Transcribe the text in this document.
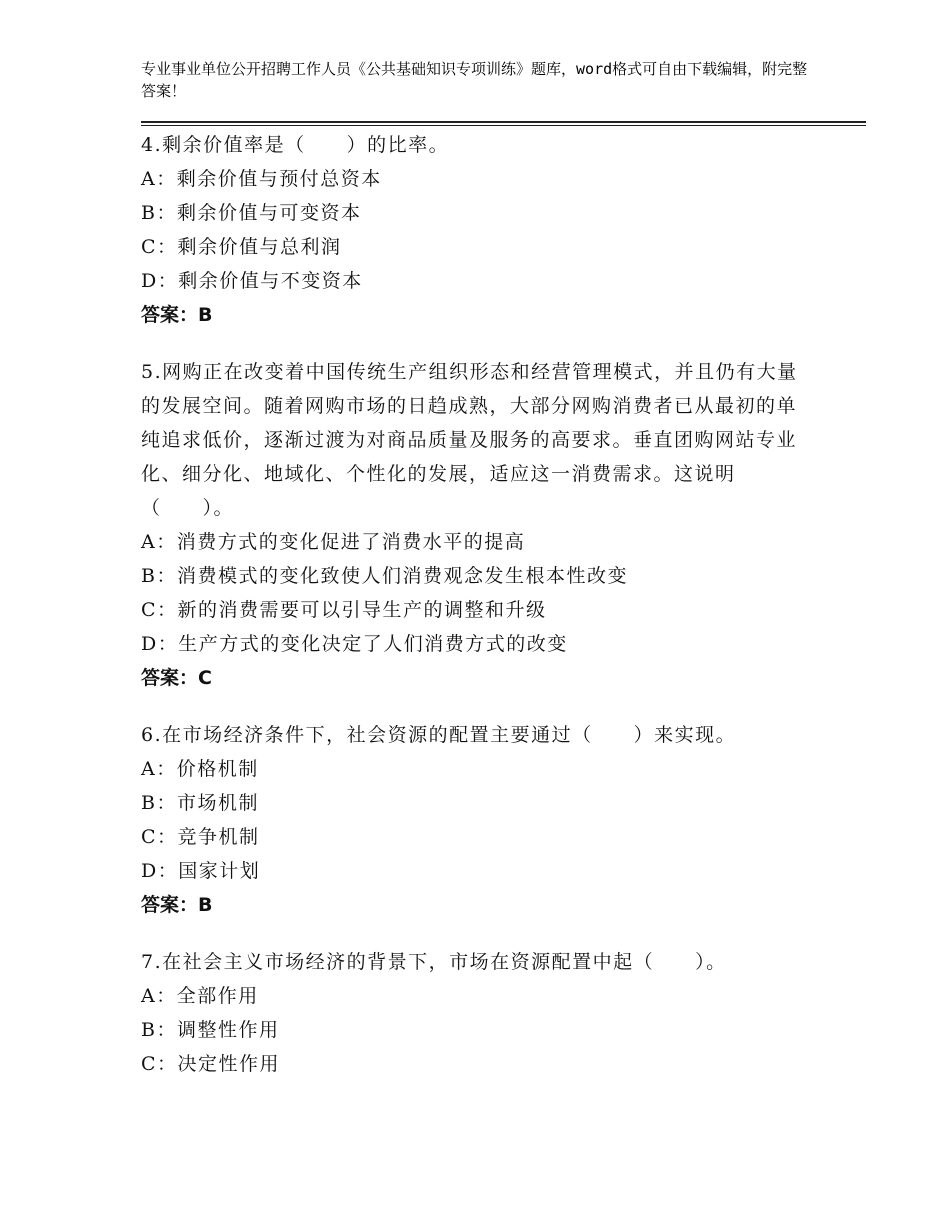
专业事业单位公开招聘工作人员《公共基础知识专项训练》题库，word格式可自由下载编辑，附完整答案！

4.剩余价值率是（　　）的比率。

A：剩余价值与预付总资本

B：剩余价值与可变资本

C：剩余价值与总利润

D：剩余价值与不变资本

答案：B

5.网购正在改变着中国传统生产组织形态和经营管理模式，并且仍有大量的发展空间。随着网购市场的日趋成熟，大部分网购消费者已从最初的单纯追求低价，逐渐过渡为对商品质量及服务的高要求。垂直团购网站专业化、细分化、地域化、个性化的发展，适应这一消费需求。这说明（　　）。

A：消费方式的变化促进了消费水平的提高

B：消费模式的变化致使人们消费观念发生根本性改变

C：新的消费需要可以引导生产的调整和升级

D：生产方式的变化决定了人们消费方式的改变

答案：C

6.在市场经济条件下，社会资源的配置主要通过（　　）来实现。

A：价格机制

B：市场机制

C：竞争机制

D：国家计划

答案：B

7.在社会主义市场经济的背景下，市场在资源配置中起（　　）。

A：全部作用

B：调整性作用

C：决定性作用
